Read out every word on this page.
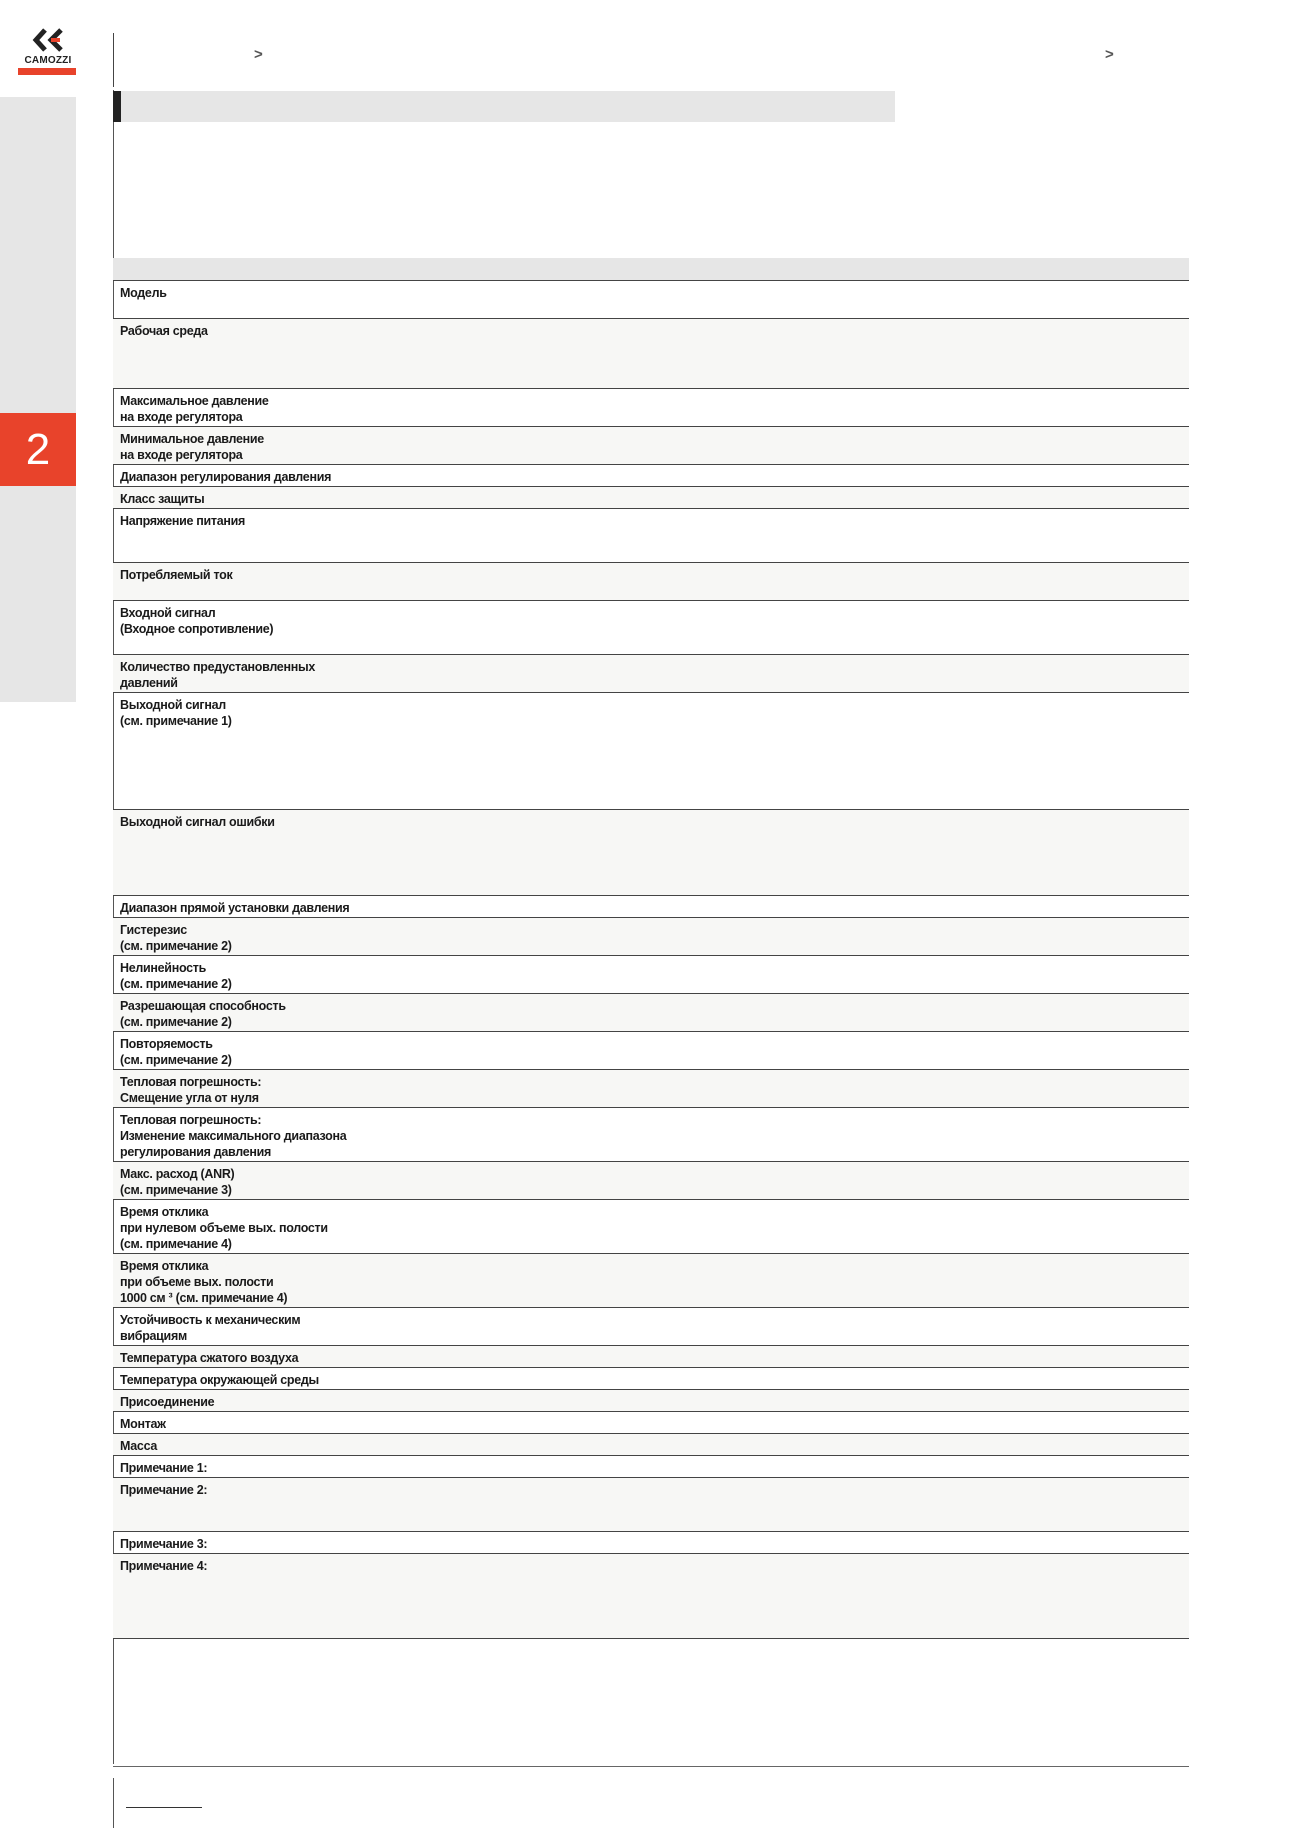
2
CAMOZZI	>	>
Модель
Рабочая среда
Максимальное давление
на входе регулятора
Минимальное давление
на входе регулятора
Диапазон регулирования давления
Класс защиты
Напряжение питания
Потребляемый ток
Входной сигнал
(Входное сопротивление)
Количество предустановленных
давлений
Выходной сигнал
(см. примечание 1)
Выходной сигнал ошибки
Диапазон прямой установки давления
Гистерезис
(см. примечание 2)
Нелинейность
(см. примечание 2)
Разрешающая способность
(см. примечание 2)
Повторяемость
(см. примечание 2)
Тепловая погрешность:
Смещение угла от нуля
Тепловая погрешность:
Изменение максимального диапазона
регулирования давления
Макс. расход (ANR)
(см. примечание 3)
Время отклика
при нулевом объеме вых. полости
(см. примечание 4)
Время отклика
при объеме вых. полости
1000 см ³ (см. примечание 4)
Устойчивость к механическим
вибрациям
Температура сжатого воздуха
Температура окружающей среды
Присоединение
Монтаж
Масса
Примечание 1:
Примечание 2:
Примечание 3:
Примечание 4:
